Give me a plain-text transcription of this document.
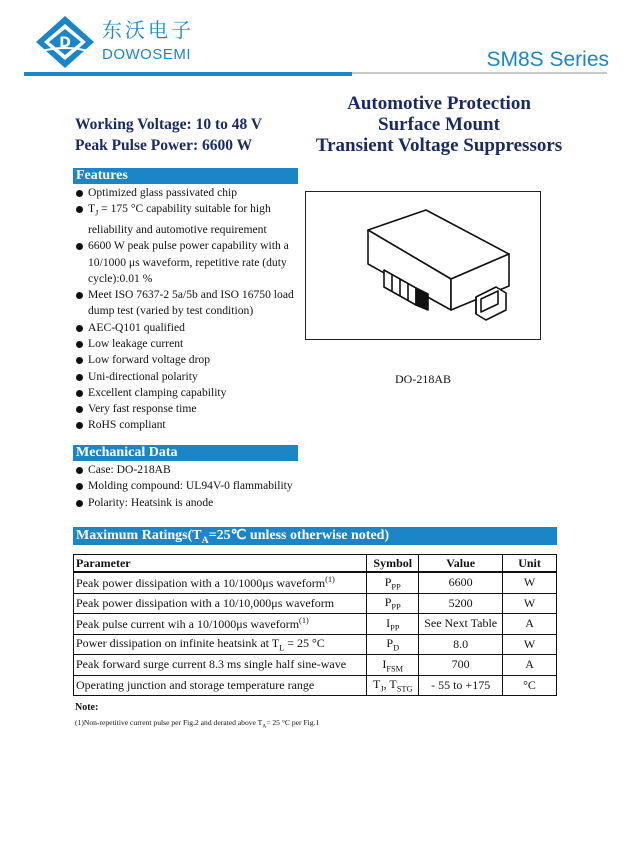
D
东沃电子
DOWOSEMI	SM8S Series
Working Voltage: 10 to 48 V
Peak Pulse Power: 6600 W
Automotive Protection
Surface Mount
Transient Voltage Suppressors
Features
Optimized glass passivated chip
$T_J = 175$ °C capability suitable for high reliability and automotive requirement
6600 W peak pulse power capability with a 10/1000 μs waveform, repetitive rate (duty cycle):0.01 %
Meet ISO 7637-2 5a/5b and ISO 16750 load dump test (varied by test condition)
AEC-Q101 qualified
Low leakage current
Low forward voltage drop
Uni-directional polarity
Excellent clamping capability
Very fast response time
RoHS compliant
DO-218AB
Mechanical Data
Case: DO-218AB
Molding compound: UL94V-0 flammability
Polarity: Heatsink is anode
Maximum $Ratings(T_A=25℃$ unless otherwise noted)
Parameter	Symbol	Value	Unit
Peak power dissipation with a 10/1000μs waveform$^{(1)}$	$P_{PP}$	6600	W
Peak power dissipation with a 10/10,000μs waveform	$P_{PP}$	5200	W
Peak pulse current wih a 10/1000μs waveform$^{(1)}$	$I_{PP}$	See Next Table	A
Power dissipation on infinite heatsink at $T_L = 25$ °C	$P_D$	8.0	W
Peak forward surge current 8.3 ms single half sine-wave	$I_{FSM}$	700	A
Operating junction and storage temperature range	$T_J$, $T_{STG}$	- 55 to +175	°C
Note:
(1)Non-repetitive current pulse per Fig.2 and derated above $T_A= 25$ °C per Fig.1
